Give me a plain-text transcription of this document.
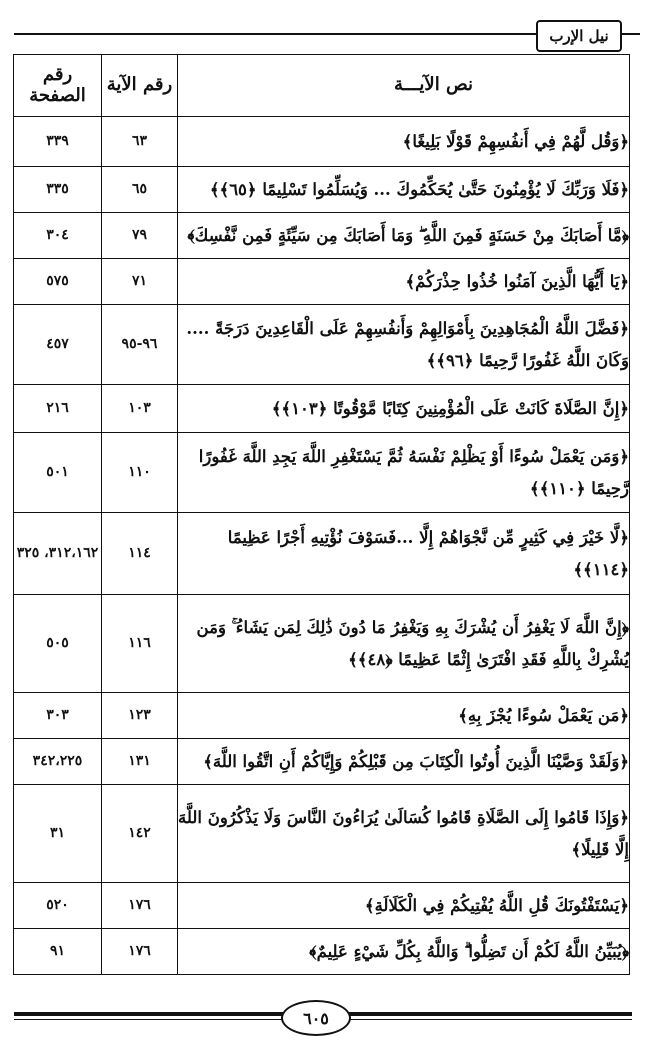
نيل الإرب
نص الآيـــة	رقم الآية	رقم الصفحة

﴿وَقُل لَّهُمْ فِي أَنفُسِهِمْ قَوْلًا بَلِيغًا﴾	٦٣	٣٣٩
﴿فَلَا وَرَبِّكَ لَا يُؤْمِنُونَ حَتَّىٰ يُحَكِّمُوكَ ... وَيُسَلِّمُوا تَسْلِيمًا ﴿٦٥﴾﴾	٦٥	٣٣٥
﴿مَّا أَصَابَكَ مِنْ حَسَنَةٍ فَمِنَ اللَّهِ ۖ وَمَا أَصَابَكَ مِن سَيِّئَةٍ فَمِن نَّفْسِكَ﴾	٧٩	٣٠٤
﴿يَا أَيُّهَا الَّذِينَ آمَنُوا خُذُوا حِذْرَكُمْ﴾	٧١	٥٧٥
﴿فَضَّلَ اللَّهُ الْمُجَاهِدِينَ بِأَمْوَالِهِمْ وَأَنفُسِهِمْ عَلَى الْقَاعِدِينَ دَرَجَةً .... وَكَانَ اللَّهُ غَفُورًا رَّحِيمًا ﴿٩٦﴾﴾	٩٦-٩٥	٤٥٧
﴿إِنَّ الصَّلَاةَ كَانَتْ عَلَى الْمُؤْمِنِينَ كِتَابًا مَّوْقُوتًا ﴿١٠٣﴾﴾	١٠٣	٢١٦
﴿وَمَن يَعْمَلْ سُوءًا أَوْ يَظْلِمْ نَفْسَهُ ثُمَّ يَسْتَغْفِرِ اللَّهَ يَجِدِ اللَّهَ غَفُورًا رَّحِيمًا ﴿١١٠﴾﴾	١١٠	٥٠١
﴿لَّا خَيْرَ فِي كَثِيرٍ مِّن نَّجْوَاهُمْ إِلَّا ...فَسَوْفَ نُؤْتِيهِ أَجْرًا عَظِيمًا ﴿١١٤﴾﴾	١١٤	٣١٢،١٦٢، ٣٢٥
﴿إِنَّ اللَّهَ لَا يَغْفِرُ أَن يُشْرَكَ بِهِ وَيَغْفِرُ مَا دُونَ ذَٰلِكَ لِمَن يَشَاءُ ۚ وَمَن يُشْرِكْ بِاللَّهِ فَقَدِ افْتَرَىٰ إِثْمًا عَظِيمًا ﴿٤٨﴾﴾	١١٦	٥٠٥
﴿مَن يَعْمَلْ سُوءًا يُجْزَ بِهِ﴾	١٢٣	٣٠٣
﴿وَلَقَدْ وَصَّيْنَا الَّذِينَ أُوتُوا الْكِتَابَ مِن قَبْلِكُمْ وَإِيَّاكُمْ أَنِ اتَّقُوا اللَّهَ﴾	١٣١	٣٤٢،٢٢٥
﴿وَإِذَا قَامُوا إِلَى الصَّلَاةِ قَامُوا كُسَالَىٰ يُرَاءُونَ النَّاسَ وَلَا يَذْكُرُونَ اللَّهَ إِلَّا قَلِيلًا﴾	١٤٢	٣١
﴿يَسْتَفْتُونَكَ قُلِ اللَّهُ يُفْتِيكُمْ فِي الْكَلَالَةِ﴾	١٧٦	٥٢٠
﴿يُبَيِّنُ اللَّهُ لَكُمْ أَن تَضِلُّوا ۗ وَاللَّهُ بِكُلِّ شَيْءٍ عَلِيمٌ﴾	١٧٦	٩١
٦٠٥
